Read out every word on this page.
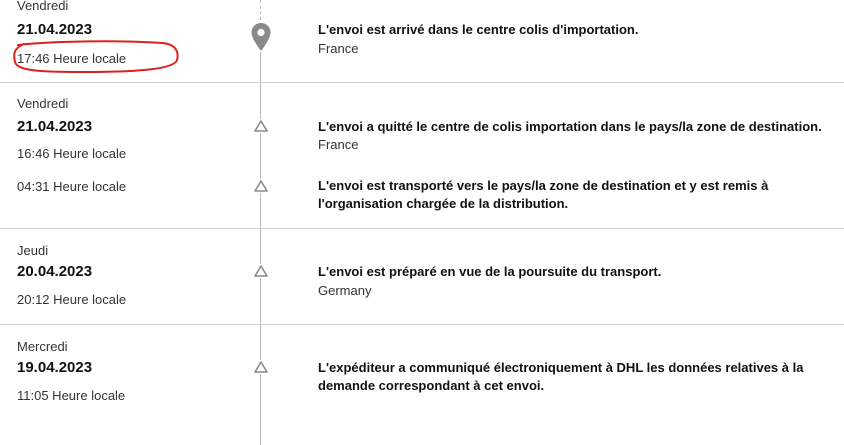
Vendredi
21.04.2023
17:46 Heure locale
L'envoi est arrivé dans le centre colis d'importation.
France
Vendredi
21.04.2023
16:46 Heure locale
L'envoi a quitté le centre de colis importation dans le pays/la zone de destination.
France
04:31 Heure locale	L'envoi est transporté vers le pays/la zone de destination et y est remis à l'organisation chargée de la distribution.
Jeudi
20.04.2023
20:12 Heure locale
L'envoi est préparé en vue de la poursuite du transport.
Germany
Mercredi
19.04.2023
11:05 Heure locale
L'expéditeur a communiqué électroniquement à DHL les données relatives à la demande correspondant à cet envoi.
